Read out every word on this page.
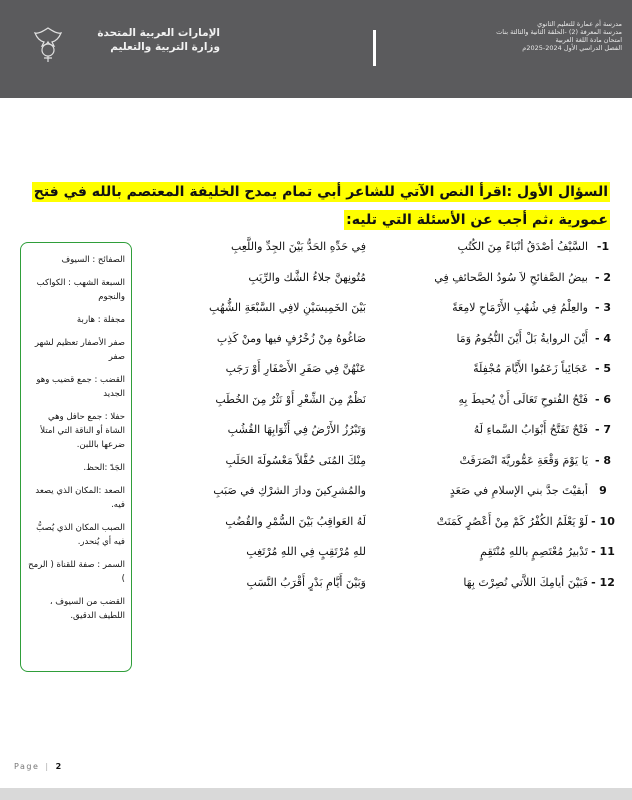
مدرسة أم عمارة للتعليم الثانوي
مدرسة المعرفة (2) -الحلقة الثانية والثالثة بنات
امتحان مادة اللغة العربية
الفصل الدراسي الأول 2024-2025م
الإمارات العربية المتحدة
وزارة التربية والتعليم
السؤال الأول :اقرأ النص الآتي للشاعر أبي تمام يمدح الخليفة المعتصم بالله في فتح
عمورية ،ثم أجب عن الأسئلة التي تليه:
الصفائح : السيوف
السبعة الشهب : الكواكب والنجوم
مجفلة : هاربة
صفر الأصفار تعظيم لشهر صفر
القضب : جمع قضيب وهو الجديد
حفلا : جمع حافل وهي الشاة أو الناقة التي امتلأ ضرعها باللبن.
الجَدّ :الحظ.
الصعد :المكان الذي يصعد فيه.
الصبب المكان الذي يُصبُّ فيه أي يُنحدر.
السمر : صفة للقناة ( الرمح )
القضب من السيوف ، اللطيف الدقيق.
1-
السَّيْفُ أصْدَقُ أنْبَاءً مِنَ الكُتُبِ
فِي حَدِّهِ الحَدُّ بَيْنَ الجِدِّ واللَّعِبِ
2 -
بيضُ الصَّفائحِ لاَ سُودُ الصَّحائفِ فِي
مُتُونِهنَّ جلاءُ الشَّك والرِّيَبِ
3 -
والعِلْمُ فِي شُهُبِ الأَرْمَاحِ لامِعَةً
بَيْنَ الخَمِيسَيْنِ لافِي السَّبْعَةِ الشُّهُبِ
4 -
أَيْنَ الروايةُ بَلْ أَيْنَ النُّجُومُ وَمَا
صَاغُوهُ مِنْ زُخْرُفٍ فيها ومنْ كَذِبِ
5 -
عَجَائِباً زَعَمُوا الأَيَّامَ مُجْفِلَةً
عَنْهُنَّ فِي صَفَرِ الأَصْفَارِ أَوْ رَجَبِ
6 -
فَتْحُ الفُتوحِ تَعَالَى أَنْ يُحيطَ بِهِ
نَظْمٌ مِنَ الشِّعْرِ أَوْ نَثْرٌ مِنَ الخُطَبِ
7 -
فَتْحٌ تَفَتَّحُ أَبْوَابُ السَّماءِ لَهُ
وَتَبْرُزُ الأَرْضُ فِي أَثْوَابِهَا القُشُبِ
8 -
يَا يَوْمَ وَقْعَةِ عَمُّوريَّةَ انْصَرَفَتْ
مِنْكَ المُنَى حُفَّلاً مَعْسُولَةَ الحَلَبِ
9
أبقيْتَ جدَّ بني الإسلامِ في صَعَدٍ
والمُشرِكينَ ودارَ الشرْكِ في صَبَبِ
10 -
لَوْ يَعْلَمُ الكُفْرُ كَمْ مِنْ أَعْصُرٍ كَمَنَتْ
لَهُ العَواقِبُ بَيْنَ السُّمْرِ والقُضُبِ
11 -
تَدْبيرُ مُعْتَصِمٍ باللهِ مُنْتَقِمٍ
للهِ مُرْتَقِبٍ فِي اللهِ مُرْتَغِبِ
12 -
فَبَيْنَ أيامِكَ اللاَّتي نُصِرْتَ بِهَا
وَبَيْنَ أَيَّامِ بَدْرٍ أَقْرَبُ النَّسَبِ
Page | 2
